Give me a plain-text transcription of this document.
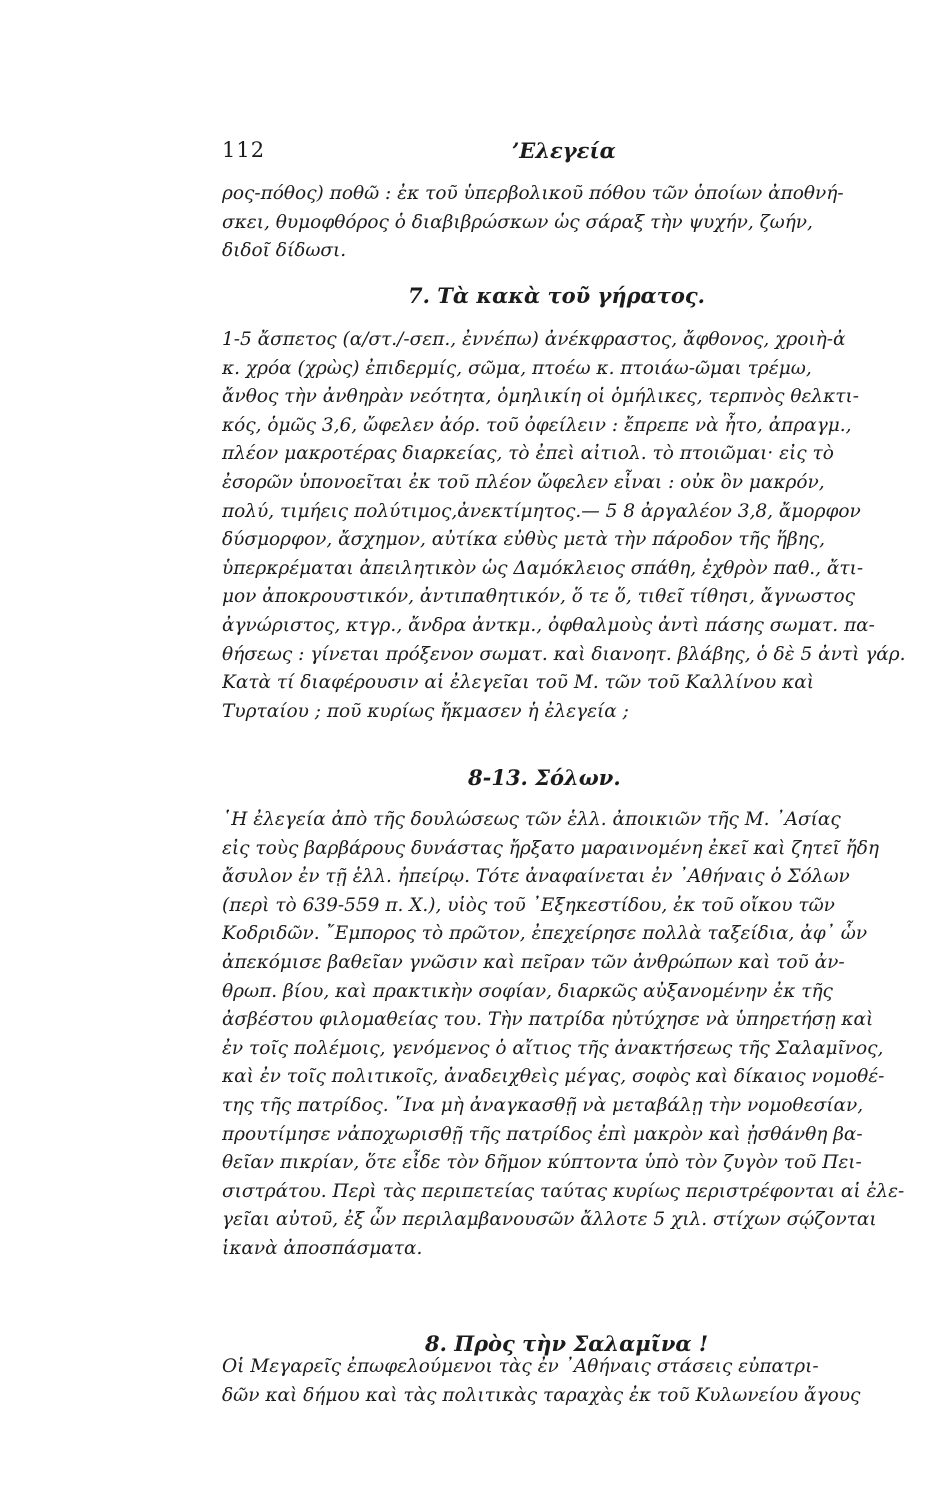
112	’Ελεγεία
ρος-πόθος) ποθῶ : ἐκ τοῦ ὑπερβολικοῦ πόθου τῶν ὁποίων ἀποθνή-
σκει, θυμοφθόρος ὁ διαβιβρώσκων ὡς σάραξ τὴν ψυχήν, ζωήν,
διδοῖ δίδωσι.
7. Τὰ κακὰ τοῦ γήρατος.
1-5 ἄσπετος (α/στ./-σεπ., ἐννέπω) ἀνέκφραστος, ἄφθονος, χροιὴ-ἀ
κ. χρόα (χρὼς) ἐπιδερμίς, σῶμα, πτοέω κ. πτοιάω-ῶμαι τρέμω,
ἄνθος τὴν ἀνθηρὰν νεότητα, ὁμηλικίη οἱ ὁμήλικες, τερπνὸς θελκτι-
κός, ὁμῶς 3,6, ὤφελεν ἀόρ. τοῦ ὀφείλειν : ἔπρεπε νὰ ἦτο, ἀπραγμ.,
πλέον μακροτέρας διαρκείας, τὸ ἐπεὶ αἰτιολ. τὸ πτοιῶμαι· εἰς τὸ
ἐσορῶν ὑπονοεῖται ἐκ τοῦ πλέον ὤφελεν εἶναι : οὐκ ὂν μακρόν,
πολύ, τιμήεις πολύτιμος,ἀνεκτίμητος.— 5 8 ἀργαλέον 3,8, ἄμορφον
δύσμορφον, ἄσχημον, αὐτίκα εὐθὺς μετὰ τὴν πάροδον τῆς ἥβης,
ὑπερκρέμαται ἀπειλητικὸν ὡς Δαμόκλειος σπάθη, ἐχθρὸν παθ., ἄτι-
μον ἀποκρουστικόν, ἀντιπαθητικόν, ὅ τε ὅ, τιθεῖ τίθησι, ἄγνωστος
ἀγνώριστος, κτγρ., ἄνδρα ἀντκμ., ὀφθαλμοὺς ἀντὶ πάσης σωματ. πα-
θήσεως : γίνεται πρόξενον σωματ. καὶ διανοητ. βλάβης, ὁ δὲ 5 ἀντὶ γάρ.
Κατὰ τί διαφέρουσιν αἱ ἐλεγεῖαι τοῦ Μ. τῶν τοῦ Καλλίνου καὶ
Τυρταίου ; ποῦ κυρίως ἤκμασεν ἡ ἐλεγεία ;
8-13. Σόλων.
῾Η ἐλεγεία ἀπὸ τῆς δουλώσεως τῶν ἑλλ. ἀποικιῶν τῆς Μ. ᾿Ασίας
εἰς τοὺς βαρβάρους δυνάστας ἤρξατο μαραινομένη ἐκεῖ καὶ ζητεῖ ἤδη
ἄσυλον ἐν τῇ ἑλλ. ἠπείρῳ. Τότε ἀναφαίνεται ἐν ᾿Αθήναις ὁ Σόλων
(περὶ τὸ 639-559 π. Χ.), υἱὸς τοῦ ᾿Εξηκεστίδου, ἐκ τοῦ οἴκου τῶν
Κοδριδῶν. ῎Εμπορος τὸ πρῶτον, ἐπεχείρησε πολλὰ ταξείδια, ἀφ᾿ ὧν
ἀπεκόμισε βαθεῖαν γνῶσιν καὶ πεῖραν τῶν ἀνθρώπων καὶ τοῦ ἀν-
θρωπ. βίου, καὶ πρακτικὴν σοφίαν, διαρκῶς αὐξανομένην ἐκ τῆς
ἀσβέστου φιλομαθείας του. Τὴν πατρίδα ηὐτύχησε νὰ ὑπηρετήσῃ καὶ
ἐν τοῖς πολέμοις, γενόμενος ὁ αἴτιος τῆς ἀνακτήσεως τῆς Σαλαμῖνος,
καὶ ἐν τοῖς πολιτικοῖς, ἀναδειχθεὶς μέγας, σοφὸς καὶ δίκαιος νομοθέ-
της τῆς πατρίδος. ῞Ινα μὴ ἀναγκασθῇ νὰ μεταβάλῃ τὴν νομοθεσίαν,
προυτίμησε νἀποχωρισθῇ τῆς πατρίδος ἐπὶ μακρὸν καὶ ᾐσθάνθη βα-
θεῖαν πικρίαν, ὅτε εἶδε τὸν δῆμον κύπτοντα ὑπὸ τὸν ζυγὸν τοῦ Πει-
σιστράτου. Περὶ τὰς περιπετείας ταύτας κυρίως περιστρέφονται αἱ ἐλε-
γεῖαι αὐτοῦ, ἐξ ὧν περιλαμβανουσῶν ἄλλοτε 5 χιλ. στίχων σῴζονται
ἱκανὰ ἀποσπάσματα.
8. Πρὸς τὴν Σαλαμῖνα !
Οἱ Μεγαρεῖς ἐπωφελούμενοι τὰς ἐν ᾿Αθήναις στάσεις εὐπατρι-
δῶν καὶ δήμου καὶ τὰς πολιτικὰς ταραχὰς ἐκ τοῦ Κυλωνείου ἄγους
